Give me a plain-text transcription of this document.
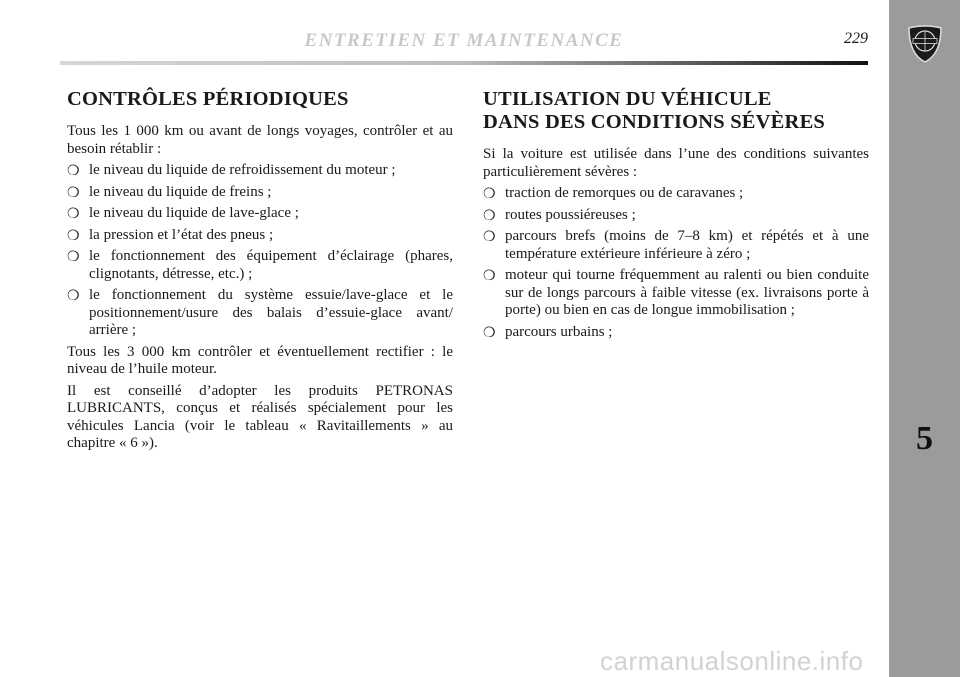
ENTRETIEN ET MAINTENANCE	229
5
CONTRÔLES PÉRIODIQUES

Tous les 1 000 km ou avant de longs voyages, contrôler et au besoin rétablir :

❍ le niveau du liquide de refroidissement du moteur ;
❍ le niveau du liquide de freins ;
❍ le niveau du liquide de lave-glace ;
❍ la pression et l’état des pneus ;
❍ le fonctionnement des équipement d’éclairage (phares, clignotants, détresse, etc.) ;
❍ le fonctionnement du système essuie/lave-glace et le positionnement/usure des balais d’essuie-glace avant/ arrière ;

Tous les 3 000 km contrôler et éventuellement rectifier : le niveau de l’huile moteur.

Il est conseillé d’adopter les produits PETRONAS LUBRICANTS, conçus et réalisés spécialement pour les véhicules Lancia (voir le tableau « Ravitaillements » au chapitre « 6 »).

UTILISATION DU VÉHICULE
DANS DES CONDITIONS SÉVÈRES

Si la voiture est utilisée dans l’une des conditions suivantes particulièrement sévères :

❍ traction de remorques ou de caravanes ;
❍ routes poussiéreuses ;
❍ parcours brefs (moins de 7–8 km) et répétés et à une température extérieure inférieure à zéro ;
❍ moteur qui tourne fréquemment au ralenti ou bien conduite sur de longs parcours à faible vitesse (ex. livraisons porte à porte) ou bien en cas de longue immobilisation ;
❍ parcours urbains ;
carmanualsonline.info
